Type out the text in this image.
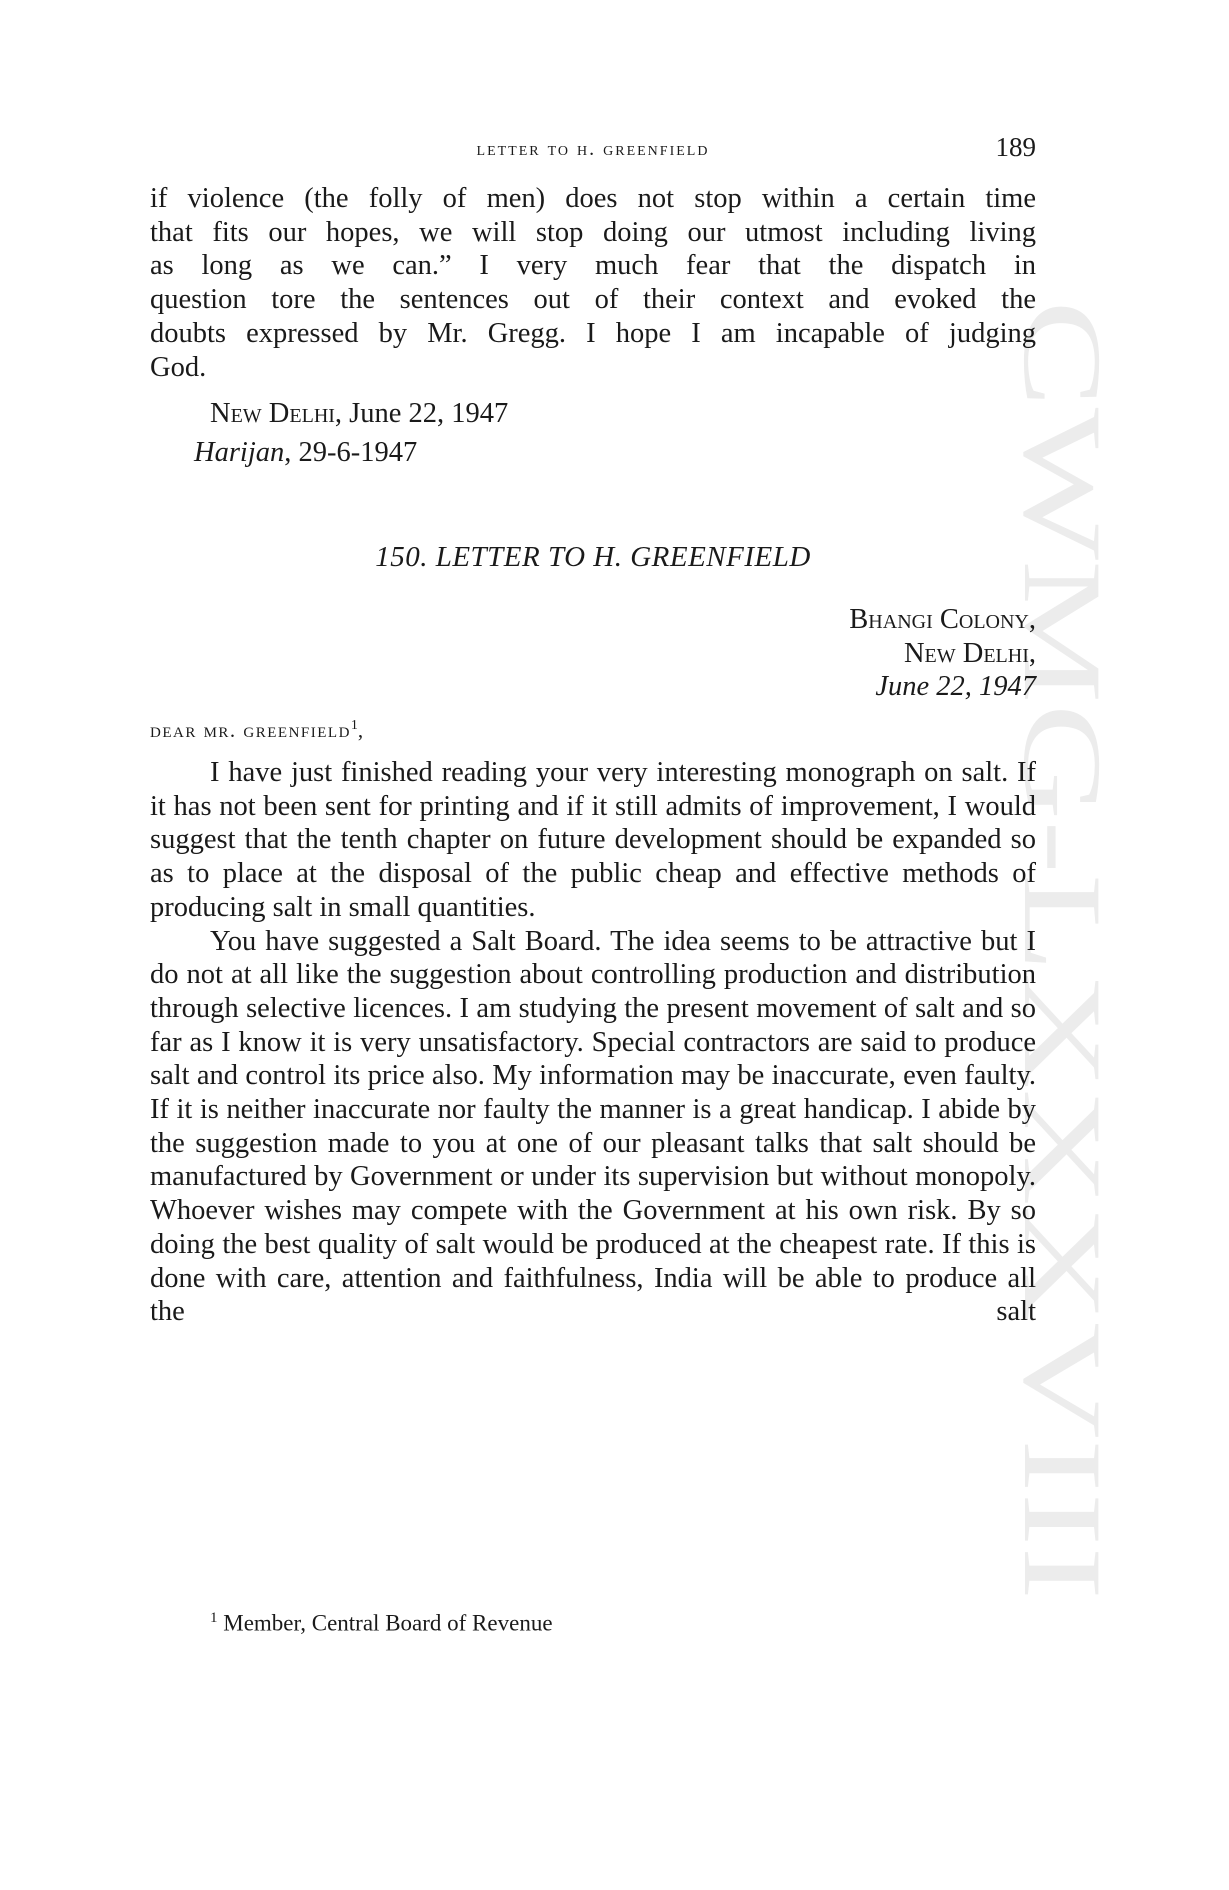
CWMG-LXXXVIII
letter to h. greenfield	189

if violence (the folly of men) does not stop within a certain time

that fits our hopes, we will stop doing our utmost including living

as long as we can.” I very much fear that the dispatch in

question tore the sentences out of their context and evoked the

doubts expressed by Mr. Gregg. I hope I am incapable of judging

God.

New Delhi, June 22, 1947
Harijan, 29-6-1947
150. LETTER TO H. GREENFIELD
Bhangi Colony,
New Delhi,
June 22, 1947
dear mr. greenfield$^1$,

I have just finished reading your very interesting monograph on salt. If it has not been sent for printing and if it still admits of improvement, I would suggest that the tenth chapter on future development should be expanded so as to place at the disposal of the public cheap and effective methods of producing salt in small quantities.

You have suggested a Salt Board. The idea seems to be attractive but I do not at all like the suggestion about controlling production and distribution through selective licences. I am studying the present movement of salt and so far as I know it is very unsatisfactory. Special contractors are said to produce salt and control its price also. My information may be inaccurate, even faulty. If it is neither inaccurate nor faulty the manner is a great handicap. I abide by the suggestion made to you at one of our pleasant talks that salt should be manufactured by Government or under its supervision but without monopoly. Whoever wishes may compete with the Government at his own risk. By so doing the best quality of salt would be produced at the cheapest rate. If this is done with care, attention and faithfulness, India will be able to produce all the salt

$^1$ Member, Central Board of Revenue
